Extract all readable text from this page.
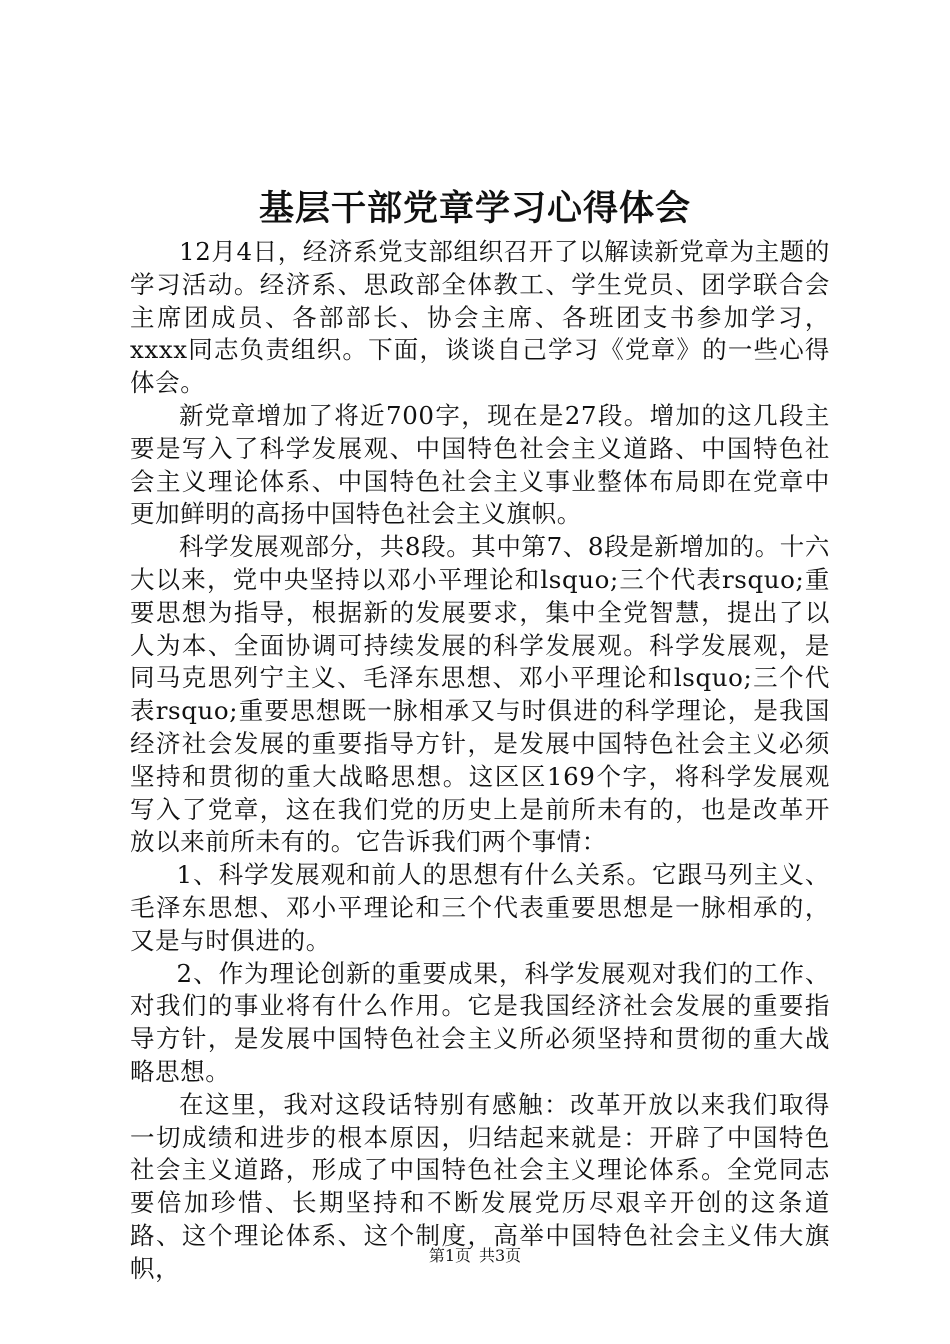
基层干部党章学习心得体会

12月4日，经济系党支部组织召开了以解读新党章为主题的学习活动。经济系、思政部全体教工、学生党员、团学联合会主席团成员、各部部长、协会主席、各班团支书参加学习，xxxx同志负责组织。下面，谈谈自己学习《党章》的一些心得体会。

新党章增加了将近700字，现在是27段。增加的这几段主要是写入了科学发展观、中国特色社会主义道路、中国特色社会主义理论体系、中国特色社会主义事业整体布局即在党章中更加鲜明的高扬中国特色社会主义旗帜。

科学发展观部分，共8段。其中第7、8段是新增加的。十六大以来，党中央坚持以邓小平理论和lsquo;三个代表rsquo;重要思想为指导，根据新的发展要求，集中全党智慧，提出了以人为本、全面协调可持续发展的科学发展观。科学发展观，是同马克思列宁主义、毛泽东思想、邓小平理论和lsquo;三个代表rsquo;重要思想既一脉相承又与时俱进的科学理论，是我国经济社会发展的重要指导方针，是发展中国特色社会主义必须坚持和贯彻的重大战略思想。这区区169个字，将科学发展观写入了党章，这在我们党的历史上是前所未有的，也是改革开放以来前所未有的。它告诉我们两个事情：

1、科学发展观和前人的思想有什么关系。它跟马列主义、毛泽东思想、邓小平理论和三个代表重要思想是一脉相承的，又是与时俱进的。

2、作为理论创新的重要成果，科学发展观对我们的工作、对我们的事业将有什么作用。它是我国经济社会发展的重要指导方针，是发展中国特色社会主义所必须坚持和贯彻的重大战略思想。

在这里，我对这段话特别有感触：改革开放以来我们取得一切成绩和进步的根本原因，归结起来就是：开辟了中国特色社会主义道路，形成了中国特色社会主义理论体系。全党同志要倍加珍惜、长期坚持和不断发展党历尽艰辛开创的这条道路、这个理论体系、这个制度，高举中国特色社会主义伟大旗帜，	第1页 共3页
